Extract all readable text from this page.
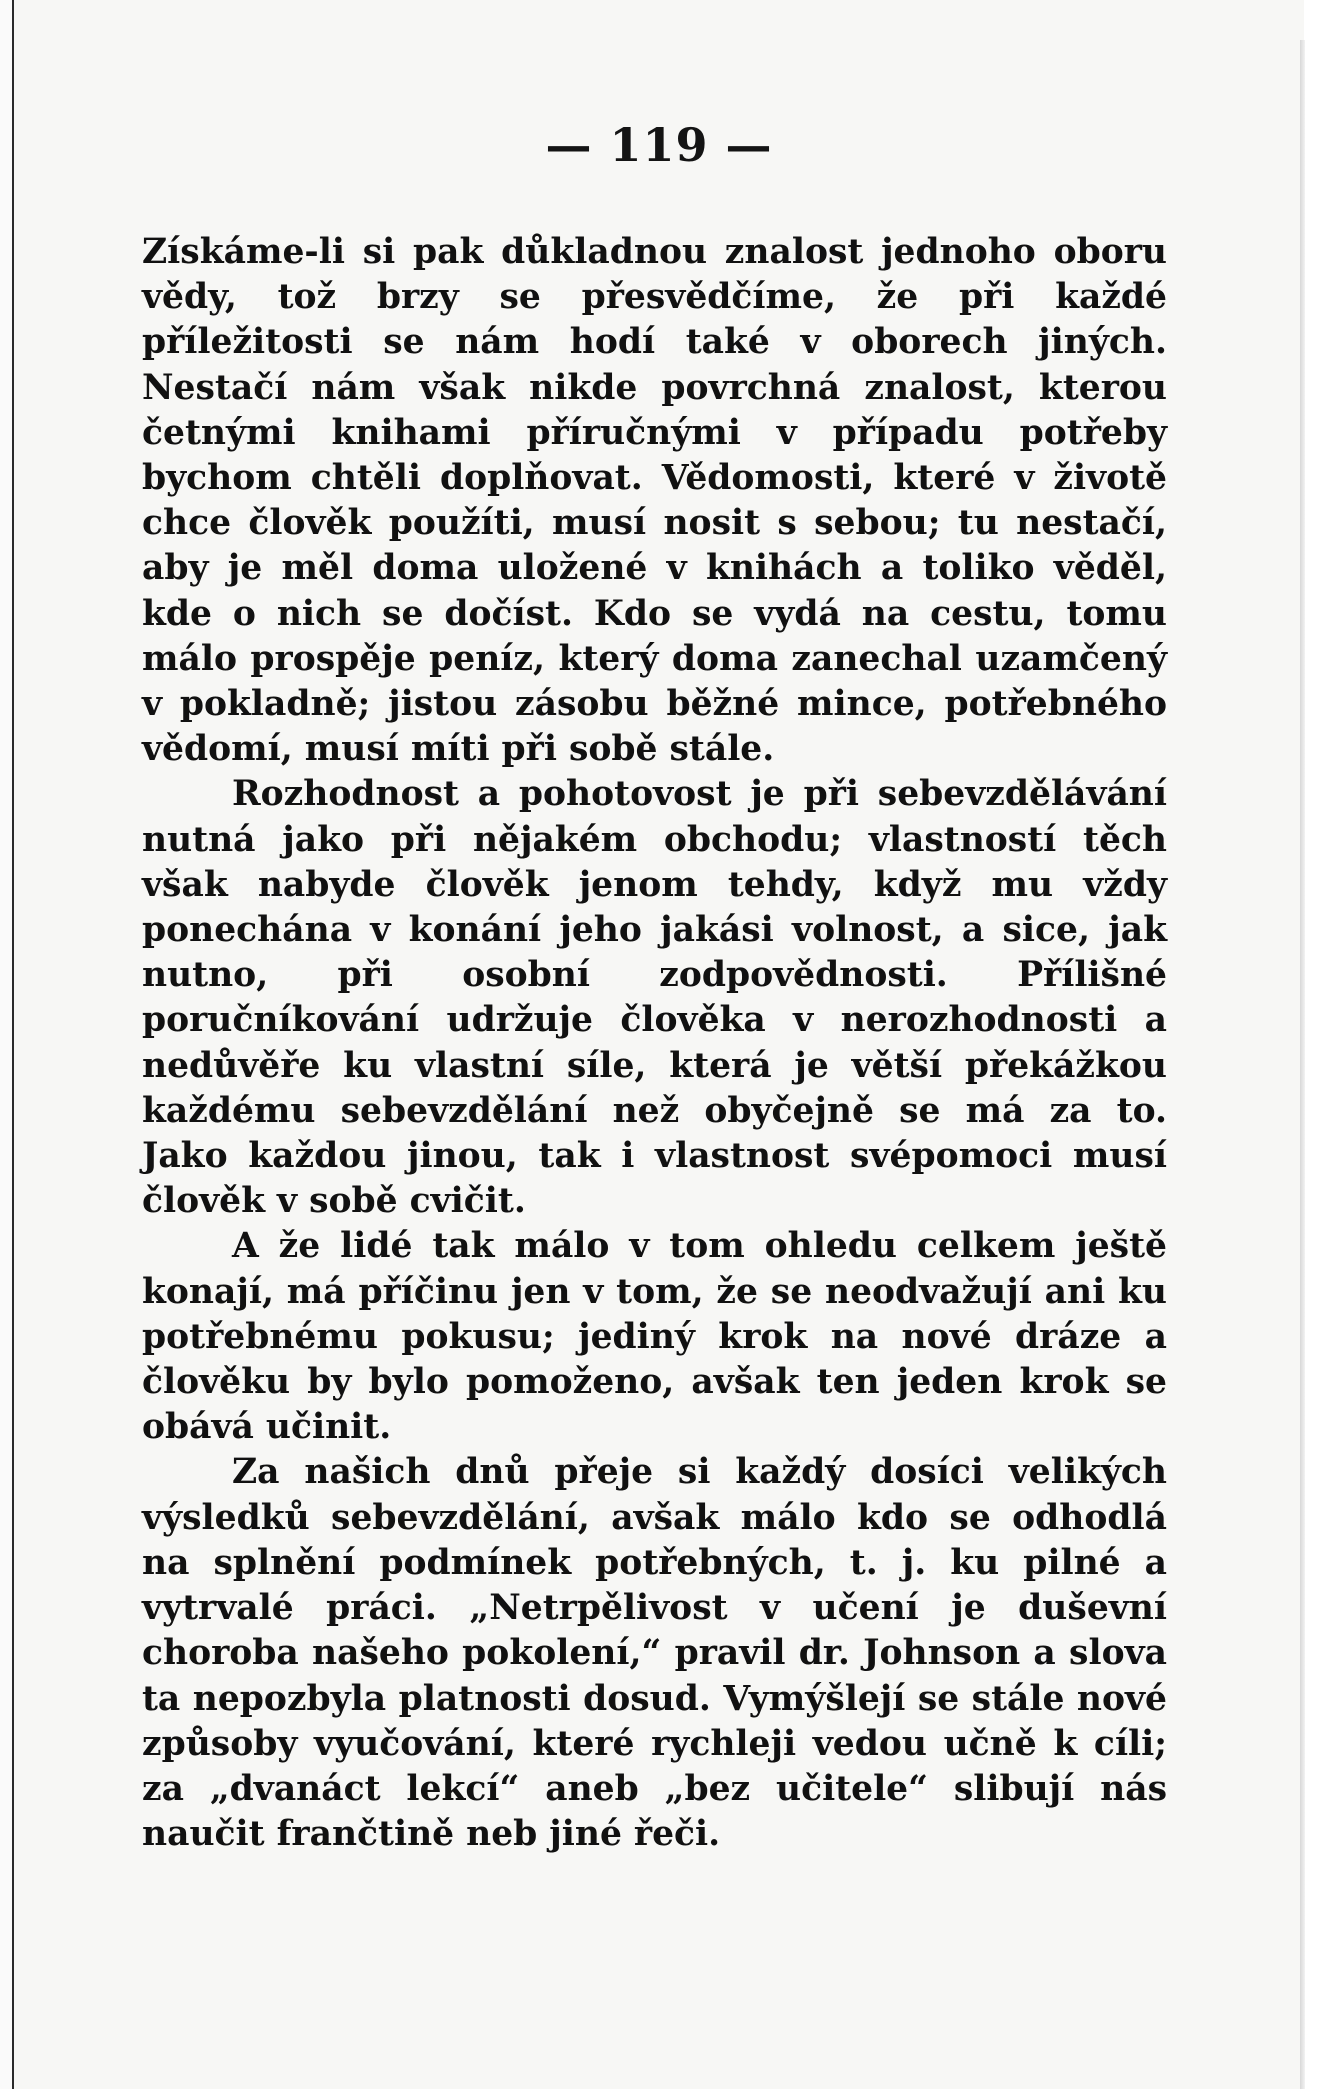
— 119 —

Získáme-li si pak důkladnou znalost jednoho oboru vědy, tož brzy se přesvědčíme, že při každé příležitosti se nám hodí také v oborech jiných. Nestačí nám však nikde povrchná znalost, kterou četnými knihami příručnými v případu potřeby bychom chtěli doplňovat. Vědomosti, které v životě chce člověk použíti, musí nosit s sebou; tu nestačí, aby je měl doma uložené v knihách a toliko věděl, kde o nich se dočíst. Kdo se vydá na cestu, tomu málo prospěje peníz, který doma zanechal uzamčený v pokladně; jistou zásobu běžné mince, potřebného vědomí, musí míti při sobě stále.

Rozhodnost a pohotovost je při sebevzdělávání nutná jako při nějakém obchodu; vlastností těch však nabyde člověk jenom tehdy, když mu vždy ponechána v konání jeho jakási volnost, a sice, jak nutno, při osobní zodpovědnosti. Přílišné poručníkování udržuje člověka v nerozhodnosti a nedůvěře ku vlastní síle, která je větší překážkou každému sebevzdělání než obyčejně se má za to. Jako každou jinou, tak i vlastnost svépomoci musí člověk v sobě cvičit.

A že lidé tak málo v tom ohledu celkem ještě konají, má příčinu jen v tom, že se neodvažují ani ku potřebnému pokusu; jediný krok na nové dráze a člověku by bylo pomoženo, avšak ten jeden krok se obává učinit.

Za našich dnů přeje si každý dosíci velikých výsledků sebevzdělání, avšak málo kdo se odhodlá na splnění podmínek potřebných, t. j. ku pilné a vytrvalé práci. „Netrpělivost v učení je duševní choroba našeho pokolení,“ pravil dr. Johnson a slova ta nepozbyla platnosti dosud. Vymýšlejí se stále nové způsoby vyučování, které rychleji vedou učně k cíli; za „dvanáct lekcí“ aneb „bez učitele“ slibují nás naučit frančtině neb jiné řeči.
